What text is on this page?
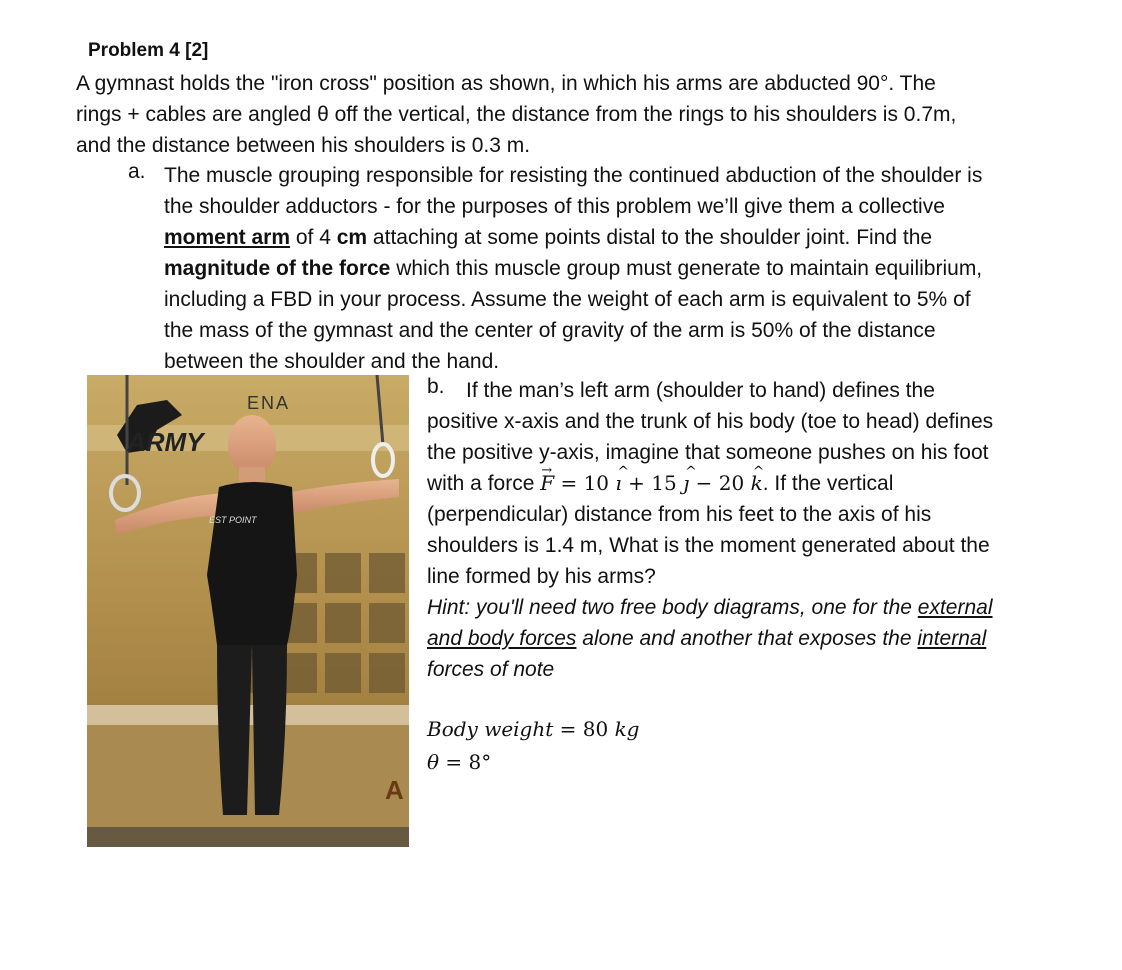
Problem 4 [2]
A gymnast holds the "iron cross" position as shown, in which his arms are abducted 90°. The
rings + cables are angled θ off the vertical, the distance from the rings to his shoulders is 0.7m,
and the distance between his shoulders is 0.3 m.
a. The muscle grouping responsible for resisting the continued abduction of the shoulder is
the shoulder adductors - for the purposes of this problem we’ll give them a collective
moment arm of 4 cm attaching at some points distal to the shoulder joint. Find the
magnitude of the force which this muscle group must generate to maintain equilibrium,
including a FBD in your process. Assume the weight of each arm is equivalent to 5% of
the mass of the gymnast and the center of gravity of the arm is 50% of the distance
between the shoulder and the hand.
ARMY
ENA
EST POINT
A
b. If the man’s left arm (shoulder to hand) defines the
positive x-axis and the trunk of his body (toe to head) defines
the positive y-axis, imagine that someone pushes on his foot
with a force → F = 10 ^ ı + 15 ^ ȷ − 20 ^ k. If the vertical
(perpendicular) distance from his feet to the axis of his
shoulders is 1.4 m, What is the moment generated about the
line formed by his arms?
Hint: you'll need two free body diagrams, one for the external
and body forces alone and another that exposes the internal
forces of note
Body weight = 80 kg
θ = 8°
